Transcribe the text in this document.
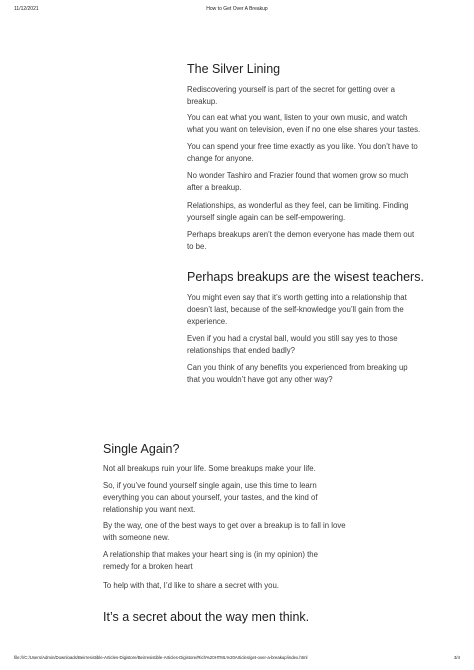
11/12/2021	How to Get Over A Breakup
The Silver Lining

Rediscovering yourself is part of the secret for getting over a
breakup.

You can eat what you want, listen to your own music, and watch
what you want on television, even if no one else shares your tastes.

You can spend your free time exactly as you like. You don’t have to
change for anyone.

No wonder Tashiro and Frazier found that women grow so much
after a breakup.

Relationships, as wonderful as they feel, can be limiting. Finding
yourself single again can be self-empowering.

Perhaps breakups aren’t the demon everyone has made them out
to be.

Perhaps breakups are the wisest teachers.

You might even say that it’s worth getting into a relationship that
doesn’t last, because of the self-knowledge you’ll gain from the
experience.

Even if you had a crystal ball, would you still say yes to those
relationships that ended badly?

Can you think of any benefits you experienced from breaking up
that you wouldn’t have got any other way?

Single Again?

Not all breakups ruin your life. Some breakups make your life.

So, if you’ve found yourself single again, use this time to learn
everything you can about yourself, your tastes, and the kind of
relationship you want next.

By the way, one of the best ways to get over a breakup is to fall in love
with someone new.

A relationship that makes your heart sing is (in my opinion) the
remedy for a broken heart

To help with that, I’d like to share a secret with you.

It’s a secret about the way men think.
file:///C:/Users/Admin/Downloads/Beirresistible-Articles-Digistore/Beirresistible-Articles-Digistore/Rich%20HTML%20Articles/get-over-a-breakup/index.html	3/4
